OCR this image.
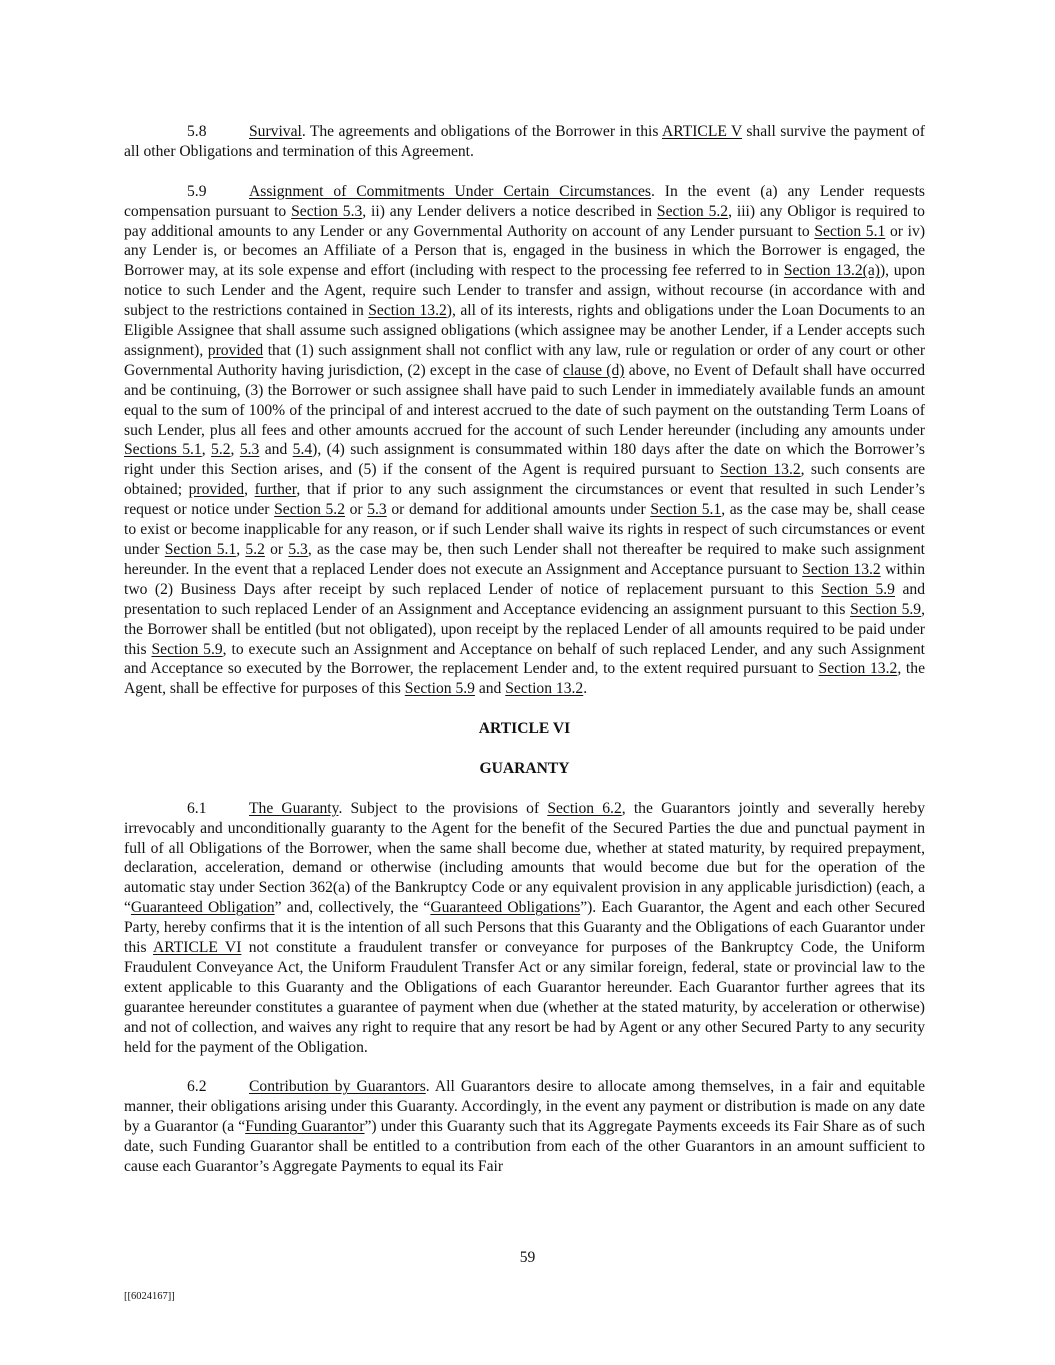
5.8	Survival. The agreements and obligations of the Borrower in this ARTICLE V shall survive the payment of all other Obligations and termination of this Agreement.

5.9	Assignment of Commitments Under Certain Circumstances. In the event (a) any Lender requests compensation pursuant to Section 5.3, ii) any Lender delivers a notice described in Section 5.2, iii) any Obligor is required to pay additional amounts to any Lender or any Governmental Authority on account of any Lender pursuant to Section 5.1 or iv) any Lender is, or becomes an Affiliate of a Person that is, engaged in the business in which the Borrower is engaged, the Borrower may, at its sole expense and effort (including with respect to the processing fee referred to in Section 13.2(a)), upon notice to such Lender and the Agent, require such Lender to transfer and assign, without recourse (in accordance with and subject to the restrictions contained in Section 13.2), all of its interests, rights and obligations under the Loan Documents to an Eligible Assignee that shall assume such assigned obligations (which assignee may be another Lender, if a Lender accepts such assignment), provided that (1) such assignment shall not conflict with any law, rule or regulation or order of any court or other Governmental Authority having jurisdiction, (2) except in the case of clause (d) above, no Event of Default shall have occurred and be continuing, (3) the Borrower or such assignee shall have paid to such Lender in immediately available funds an amount equal to the sum of 100% of the principal of and interest accrued to the date of such payment on the outstanding Term Loans of such Lender, plus all fees and other amounts accrued for the account of such Lender hereunder (including any amounts under Sections 5.1, 5.2, 5.3 and 5.4), (4) such assignment is consummated within 180 days after the date on which the Borrower’s right under this Section arises, and (5) if the consent of the Agent is required pursuant to Section 13.2, such consents are obtained; provided, further, that if prior to any such assignment the circumstances or event that resulted in such Lender’s request or notice under Section 5.2 or 5.3 or demand for additional amounts under Section 5.1, as the case may be, shall cease to exist or become inapplicable for any reason, or if such Lender shall waive its rights in respect of such circumstances or event under Section 5.1, 5.2 or 5.3, as the case may be, then such Lender shall not thereafter be required to make such assignment hereunder. In the event that a replaced Lender does not execute an Assignment and Acceptance pursuant to Section 13.2 within two (2) Business Days after receipt by such replaced Lender of notice of replacement pursuant to this Section 5.9 and presentation to such replaced Lender of an Assignment and Acceptance evidencing an assignment pursuant to this Section 5.9, the Borrower shall be entitled (but not obligated), upon receipt by the replaced Lender of all amounts required to be paid under this Section 5.9, to execute such an Assignment and Acceptance on behalf of such replaced Lender, and any such Assignment and Acceptance so executed by the Borrower, the replacement Lender and, to the extent required pursuant to Section 13.2, the Agent, shall be effective for purposes of this Section 5.9 and Section 13.2.

ARTICLE VI
GUARANTY

6.1	The Guaranty. Subject to the provisions of Section 6.2, the Guarantors jointly and severally hereby irrevocably and unconditionally guaranty to the Agent for the benefit of the Secured Parties the due and punctual payment in full of all Obligations of the Borrower, when the same shall become due, whether at stated maturity, by required prepayment, declaration, acceleration, demand or otherwise (including amounts that would become due but for the operation of the automatic stay under Section 362(a) of the Bankruptcy Code or any equivalent provision in any applicable jurisdiction) (each, a “Guaranteed Obligation” and, collectively, the “Guaranteed Obligations”). Each Guarantor, the Agent and each other Secured Party, hereby confirms that it is the intention of all such Persons that this Guaranty and the Obligations of each Guarantor under this ARTICLE VI not constitute a fraudulent transfer or conveyance for purposes of the Bankruptcy Code, the Uniform Fraudulent Conveyance Act, the Uniform Fraudulent Transfer Act or any similar foreign, federal, state or provincial law to the extent applicable to this Guaranty and the Obligations of each Guarantor hereunder. Each Guarantor further agrees that its guarantee hereunder constitutes a guarantee of payment when due (whether at the stated maturity, by acceleration or otherwise) and not of collection, and waives any right to require that any resort be had by Agent or any other Secured Party to any security held for the payment of the Obligation.

6.2	Contribution by Guarantors. All Guarantors desire to allocate among themselves, in a fair and equitable manner, their obligations arising under this Guaranty. Accordingly, in the event any payment or distribution is made on any date by a Guarantor (a “Funding Guarantor”) under this Guaranty such that its Aggregate Payments exceeds its Fair Share as of such date, such Funding Guarantor shall be entitled to a contribution from each of the other Guarantors in an amount sufficient to cause each Guarantor’s Aggregate Payments to equal its Fair

59
[[6024167]]
